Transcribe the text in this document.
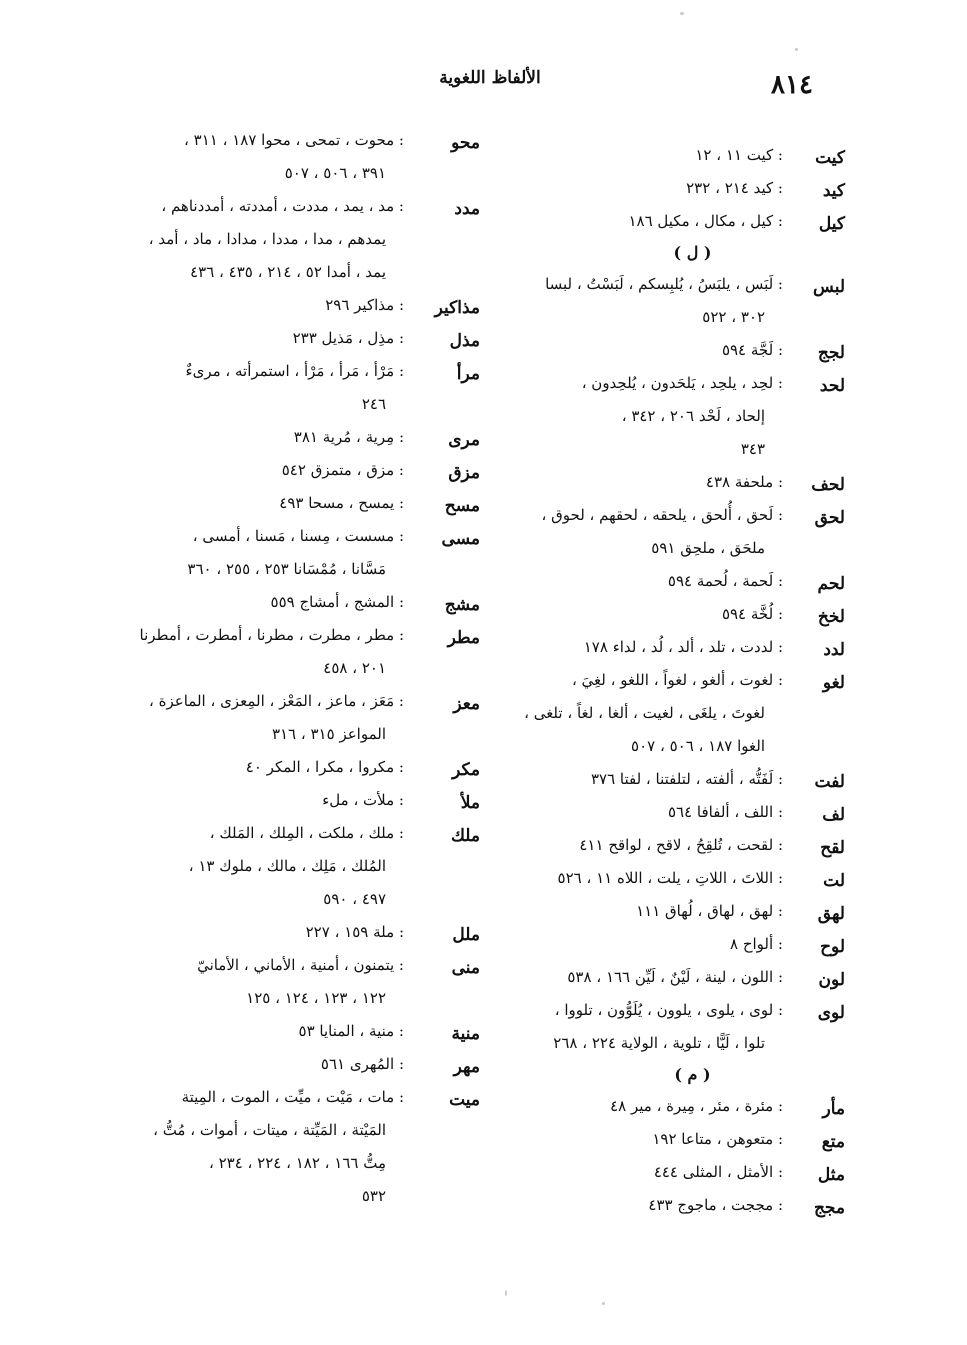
٨١٤
الألفاظ اللغوية
كيت
: كيت ١١ ، ١٢
كيد
: كيد ٢١٤ ، ٢٣٢
كيل
: كيل ، مكال ، مكيل ١٨٦
( ل )
لبس
: لَبَس ، يلبَسُ ، يُلبِسكم ، لَبَسْتُ ، لبسا
٣٠٢ ، ٥٢٢
لجج
: لَجَّة ٥٩٤
لحد
: لحِد ، يلحِد ، يَلحَدون ، يُلحِدون ،
إلحاد ، لَحْد ٢٠٦ ، ٣٤٢ ،
٣٤٣
لحف
: ملحفة ٤٣٨
لحق
: لَحق ، أُلحق ، يلحقه ، لحقهم ، لحوق ،
ملحَق ، ملحِق ٥٩١
لحم
: لَحمة ، لُحمة ٥٩٤
لخخ
: لُخَّة ٥٩٤
لدد
: لددت ، تلد ، ألد ، لُد ، لداء ١٧٨
لغو
: لغوت ، ألغو ، لغواً ، اللغو ، لغِيَ ،
لغوتَ ، يلغَى ، لغيت ، ألغا ، لغاً ، تلغى ،
الغوا ١٨٧ ، ٥٠٦ ، ٥٠٧
لفت
: لَفَتُّه ، ألفته ، لتلفتنا ، لفتا ٣٧٦
لف
: اللف ، ألفافا ٥٦٤
لقح
: لقحت ، تُلقِحُ ، لاقح ، لواقح ٤١١
لت
: اللاتَ ، اللاتِ ، يلت ، اللاه ١١ ، ٥٢٦
لهق
: لهق ، لهاق ، لُهاق ١١١
لوح
: ألواح ٨
لون
: اللون ، لينة ، لَيْنٌ ، لَيِّن ١٦٦ ، ٥٣٨
لوى
: لوى ، يلوى ، يلوون ، يُلَوُّون ، تلووا ،
تلوا ، لَيًّا ، تلوية ، الولاية ٢٢٤ ، ٢٦٨
( م )
مأر
: مئرة ، مئر ، مِيرة ، مير ٤٨
متع
: متعوهن ، متاعا ١٩٢
مثل
: الأمثل ، المثلى ٤٤٤
مجج
: مججت ، ماجوج ٤٣٣
محو
: محوت ، تمحى ، محوا ١٨٧ ، ٣١١ ،
٣٩١ ، ٥٠٦ ، ٥٠٧
مدد
: مد ، يمد ، مددت ، أمددته ، أمددناهم ،
يمدهم ، مدا ، مددا ، مدادا ، ماد ، أمد ،
يمد ، أمدا ٥٢ ، ٢١٤ ، ٤٣٥ ، ٤٣٦
مذاكير
: مذاكير ٢٩٦
مذل
: مذِل ، مَذيل ٢٣٣
مرأ
: مَرْأ ، مَرأ ، مَرْأ ، استمرأته ، مرىءٌ
٢٤٦
مرى
: مِرية ، مُرية ٣٨١
مزق
: مزق ، متمزق ٥٤٢
مسح
: يمسح ، مسحا ٤٩٣
مسى
: مسست ، مِسنا ، مَسنا ، أمسى ،
مَسَّانا ، مُمْسَانا ٢٥٣ ، ٢٥٥ ، ٣٦٠
مشج
: المشج ، أمشاج ٥٥٩
مطر
: مطر ، مطرت ، مطرنا ، أمطرت ، أمطرنا
٢٠١ ، ٤٥٨
معز
: مَعَز ، ماعز ، المَعْز ، المِعزى ، الماعزة ،
المواعز ٣١٥ ، ٣١٦
مكر
: مكروا ، مكرا ، المكر ٤٠
ملأ
: ملأت ، ملء
ملك
: ملك ، ملكت ، المِلك ، المَلك ،
المُلك ، مَلِك ، مالك ، ملوك ١٣ ،
٤٩٧ ، ٥٩٠
ملل
: ملة ١٥٩ ، ٢٢٧
منى
: يتمنون ، أمنية ، الأماني ، الأمانيّ
١٢٢ ، ١٢٣ ، ١٢٤ ، ١٢٥
منية
: منية ، المنايا ٥٣
مهر
: المُهرى ٥٦١
ميت
: مات ، مَيْت ، ميِّت ، الموت ، المِيتة
المَيْتة ، المَيِّتة ، ميتات ، أموات ، مُتُّ ،
مِتُّ ١٦٦ ، ١٨٢ ، ٢٢٤ ، ٢٣٤ ،
٥٣٢
